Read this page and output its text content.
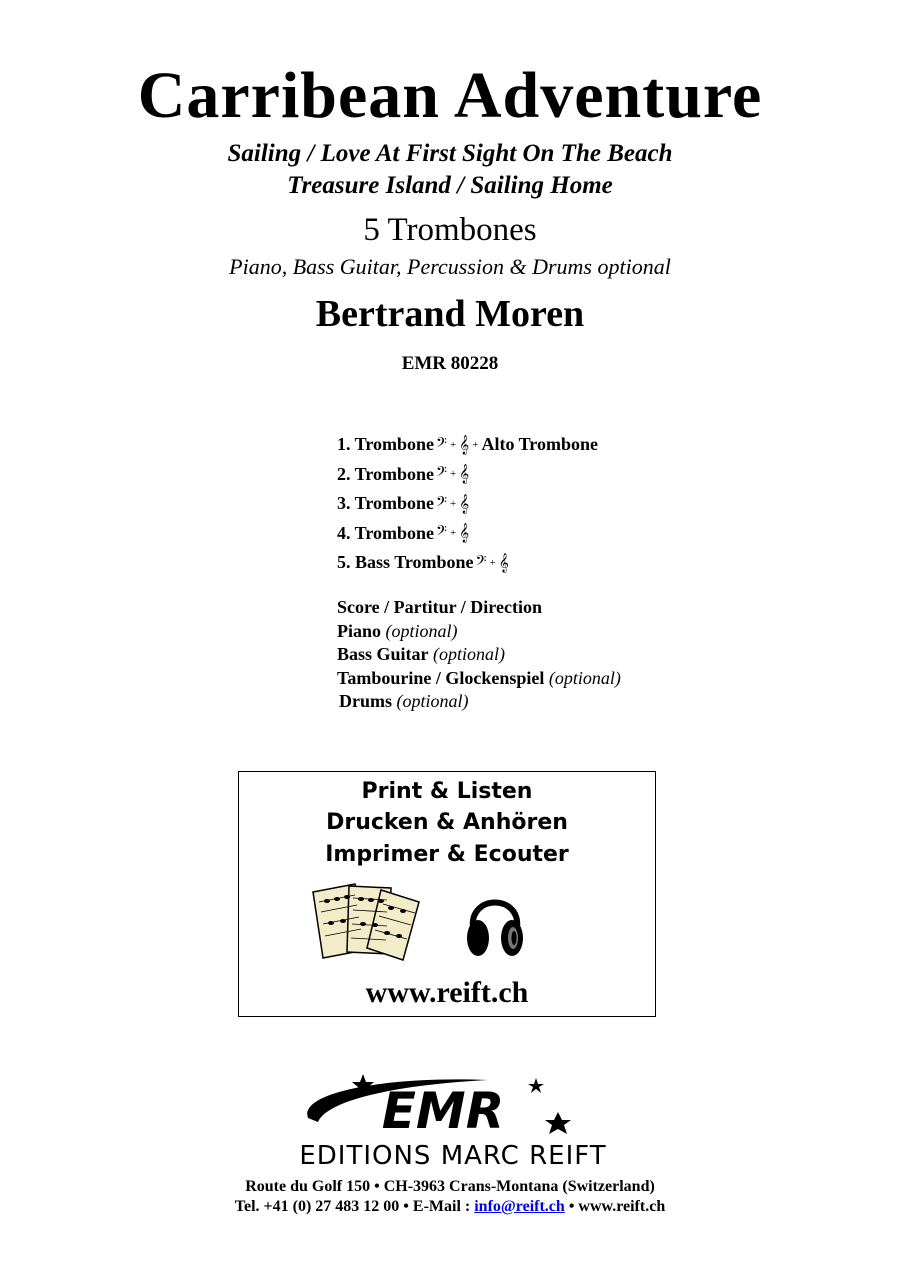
Carribean Adventure
Sailing / Love At First Sight On The Beach
Treasure Island / Sailing Home
5 Trombones
Piano, Bass Guitar, Percussion & Drums optional
Bertrand Moren
EMR 80228
1. Trombone 𝄢 + 𝄞 + Alto Trombone
2. Trombone 𝄢 + 𝄞
3. Trombone 𝄢 + 𝄞
4. Trombone 𝄢 + 𝄞
5. Bass Trombone 𝄢 + 𝄞
Score / Partitur / Direction
Piano (optional)
Bass Guitar (optional)
Tambourine / Glockenspiel (optional)
Drums (optional)
Print & Listen
Drucken & Anhören
Imprimer & Ecouter
www.reift.ch
EMR
EDITIONS MARC REIFT
Route du Golf 150 • CH-3963 Crans-Montana (Switzerland)
Tel. +41 (0) 27 483 12 00 • E-Mail : info@reift.ch • www.reift.ch
